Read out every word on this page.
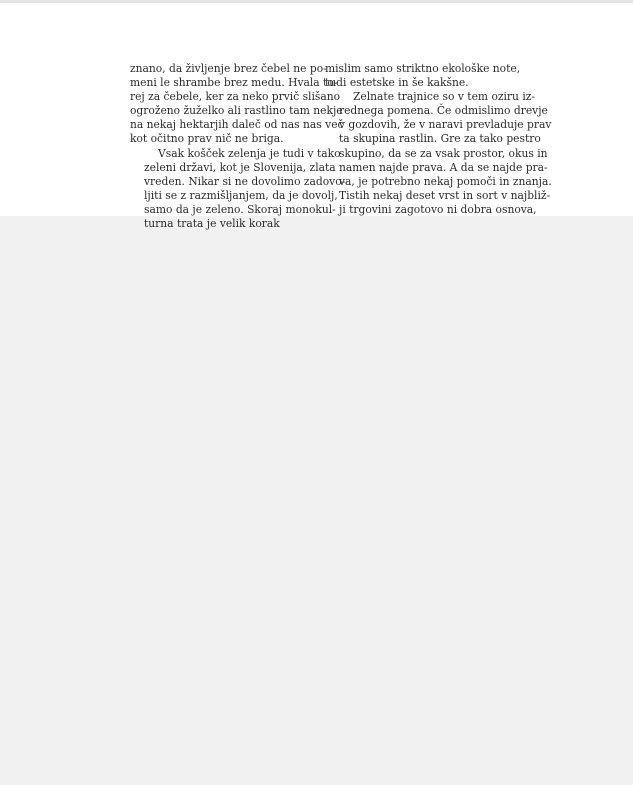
znano, da življenje brez čebel ne po-
meni le shrambe brez medu. Hvala to-
rej za čebele, ker za neko prvič slišano
ogroženo žuželko ali rastlino tam nekje
na nekaj hektarjih daleč od nas nas več
kot očitno prav nič ne briga.

Vsak košček zelenja je tudi v tako
zeleni državi, kot je Slovenija, zlata
vreden. Nikar si ne dovolimo zadovo-
ljiti se z razmišljanjem, da je dovolj,
samo da je zeleno. Skoraj monokul-
turna trata je velik korak

mislim samo striktno ekološke note,
tudi estetske in še kakšne.

Zelnate trajnice so v tem oziru iz-
rednega pomena. Če odmislimo drevje
v gozdovih, že v naravi prevladuje prav
ta skupina rastlin. Gre za tako pestro
skupino, da se za vsak prostor, okus in
namen najde prava. A da se najde pra-
va, je potrebno nekaj pomoči in znanja.
Tistih nekaj deset vrst in sort v najbliž-
ji trgovini zagotovo ni dobra osnova,
